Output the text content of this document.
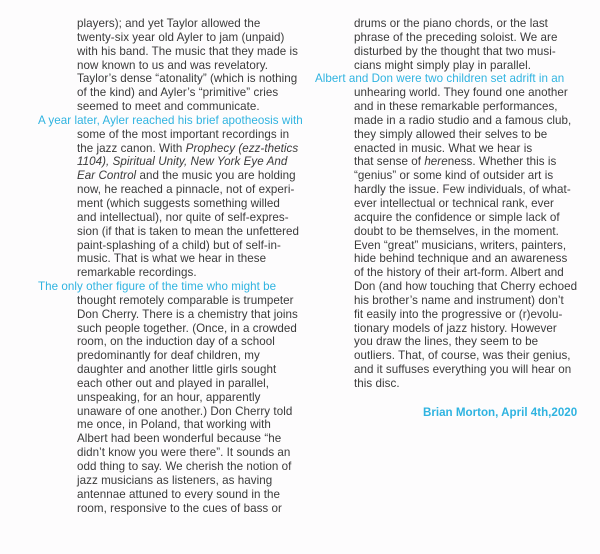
players); and yet Taylor allowed the
twenty-six year old Ayler to jam (unpaid)
with his band. The music that they made is
now known to us and was revelatory.
Taylor’s dense “atonality” (which is nothing
of the kind) and Ayler’s “primitive” cries
seemed to meet and communicate.
A year later, Ayler reached his brief apotheosis with
some of the most important recordings in
the jazz canon. With Prophecy (ezz-thetics
1104), Spiritual Unity, New York Eye And
Ear Control and the music you are holding
now, he reached a pinnacle, not of experi-
ment (which suggests something willed
and intellectual), nor quite of self-expres-
sion (if that is taken to mean the unfettered
paint-splashing of a child) but of self-in-
music. That is what we hear in these
remarkable recordings.
The only other figure of the time who might be
thought remotely comparable is trumpeter
Don Cherry. There is a chemistry that joins
such people together. (Once, in a crowded
room, on the induction day of a school
predominantly for deaf children, my
daughter and another little girls sought
each other out and played in parallel,
unspeaking, for an hour, apparently
unaware of one another.) Don Cherry told
me once, in Poland, that working with
Albert had been wonderful because “he
didn’t know you were there”. It sounds an
odd thing to say. We cherish the notion of
jazz musicians as listeners, as having
antennae attuned to every sound in the
room, responsive to the cues of bass or
drums or the piano chords, or the last
phrase of the preceding soloist. We are
disturbed by the thought that two musi-
cians might simply play in parallel.
Albert and Don were two children set adrift in an
unhearing world. They found one another
and in these remarkable performances,
made in a radio studio and a famous club,
they simply allowed their selves to be
enacted in music. What we hear is
that sense of hereness. Whether this is
“genius” or some kind of outsider art is
hardly the issue. Few individuals, of what-
ever intellectual or technical rank, ever
acquire the confidence or simple lack of
doubt to be themselves, in the moment.
Even “great” musicians, writers, painters,
hide behind technique and an awareness
of the history of their art-form. Albert and
Don (and how touching that Cherry echoed
his brother’s name and instrument) don’t
fit easily into the progressive or (r)evolu-
tionary models of jazz history. However
you draw the lines, they seem to be
outliers. That, of course, was their genius,
and it suffuses everything you will hear on
this disc.
Brian Morton, April 4th,2020
